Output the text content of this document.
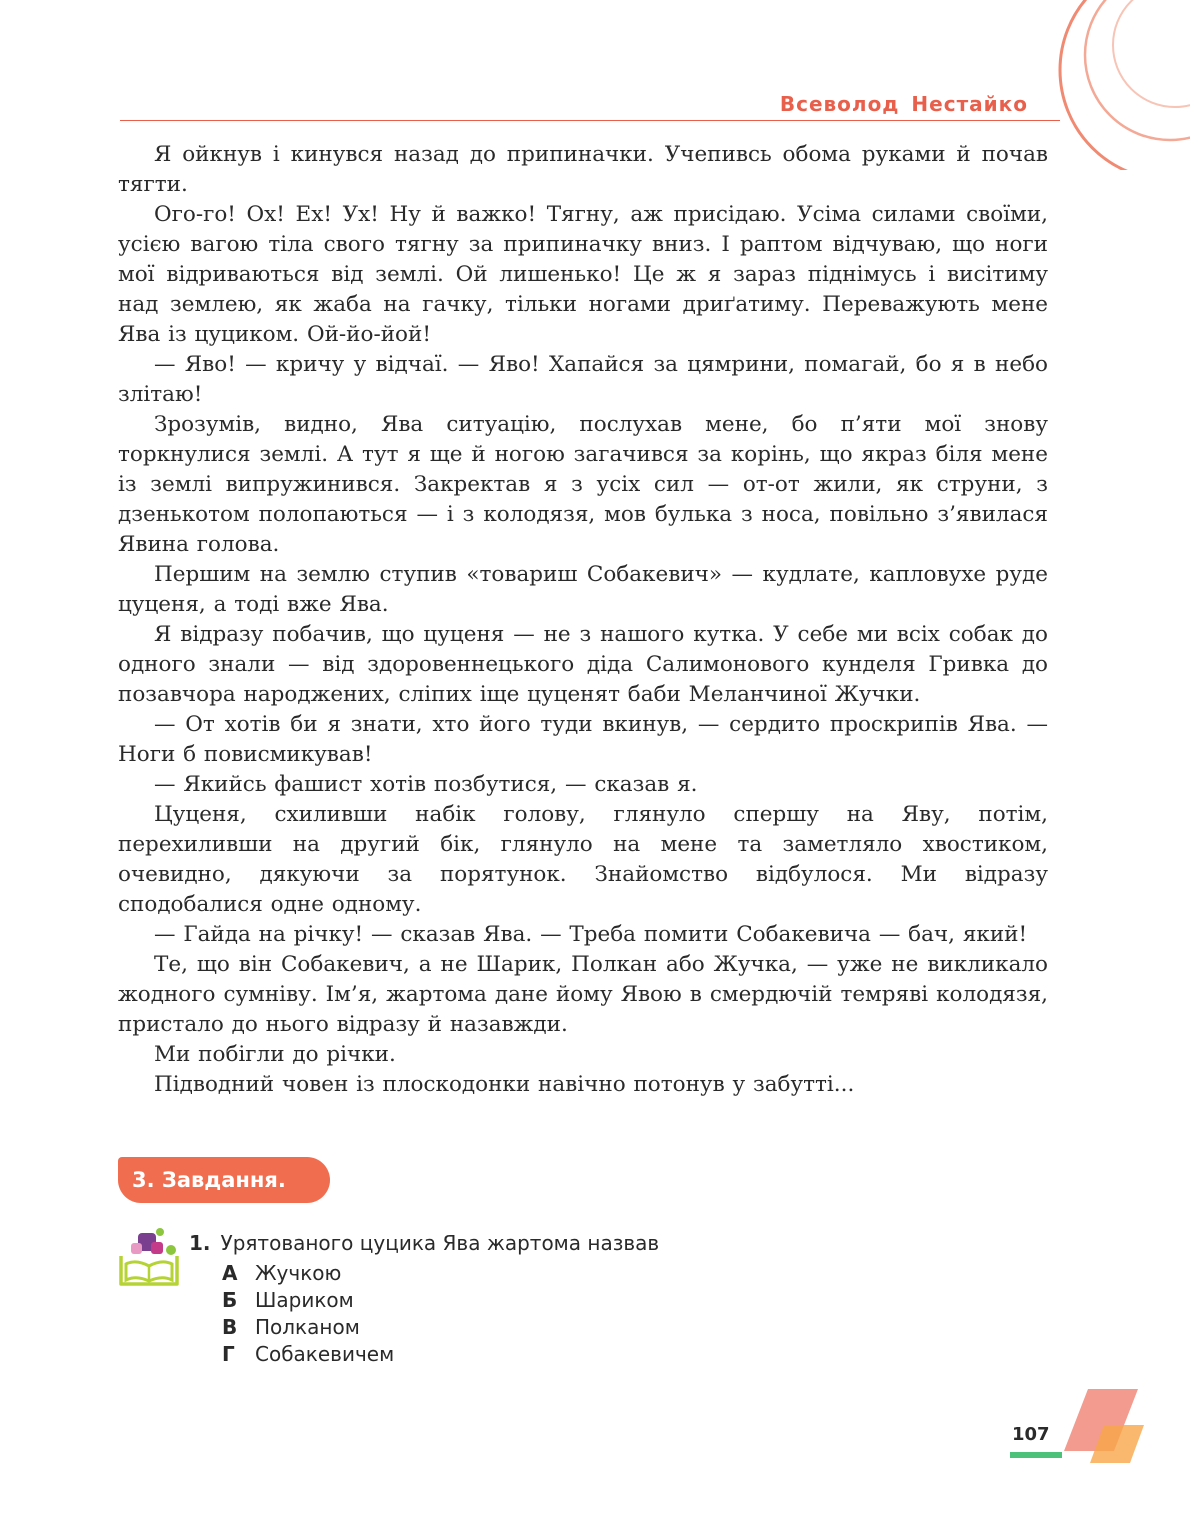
Всеволод Нестайко

Я ойкнув і кинувся назад до припиначки. Учепивсь обома руками й почав тягти.

Ого-го! Ох! Ех! Ух! Ну й важко! Тягну, аж присідаю. Усіма силами своїми, усією вагою тіла свого тягну за припиначку вниз. І раптом відчуваю, що ноги мої відриваються від землі. Ой лишенько! Це ж я зараз піднімусь і висітиму над землею, як жаба на гачку, тільки ногами дриґатиму. Переважують мене Ява із цуциком. Ой-йо-йой!

— Яво! — кричу у відчаї. — Яво! Хапайся за цямрини, помагай, бо я в небо злітаю!

Зрозумів, видно, Ява ситуацію, послухав мене, бо п’яти мої знову торкнулися землі. А тут я ще й ногою загачився за корінь, що якраз біля мене із землі випружинився. Закректав я з усіх сил — от-от жили, як струни, з дзенькотом полопаються — і з колодязя, мов булька з носа, повільно з’явилася Явина голова.

Першим на землю ступив «товариш Собакевич» — кудлате, капловухе руде цуценя, а тоді вже Ява.

Я відразу побачив, що цуценя — не з нашого кутка. У себе ми всіх собак до одного знали — від здоровеннецького діда Салимонового кунделя Гривка до позавчора народжених, сліпих іще цуценят баби Меланчиної Жучки.

— От хотів би я знати, хто його туди вкинув, — сердито проскрипів Ява. — Ноги б повисмикував!

— Якийсь фашист хотів позбутися, — сказав я.

Цуценя, схиливши набік голову, глянуло спершу на Яву, потім, перехиливши на другий бік, глянуло на мене та заметляло хвостиком, очевидно, дякуючи за порятунок. Знайомство відбулося. Ми відразу сподобалися одне одному.

— Гайда на річку! — сказав Ява. — Треба помити Собакевича — бач, який!

Те, що він Собакевич, а не Шарик, Полкан або Жучка, — уже не викликало жодного сумніву. Ім’я, жартома дане йому Явою в смердючій темряві колодязя, пристало до нього відразу й назавжди.

Ми побігли до річки.

Підводний човен із плоскодонки навічно потонув у забутті...

3. Завдання.
1. Урятованого цуцика Ява жартома назвав
А Жучкою
Б Шариком
В Полканом
Г Собакевичем
107
